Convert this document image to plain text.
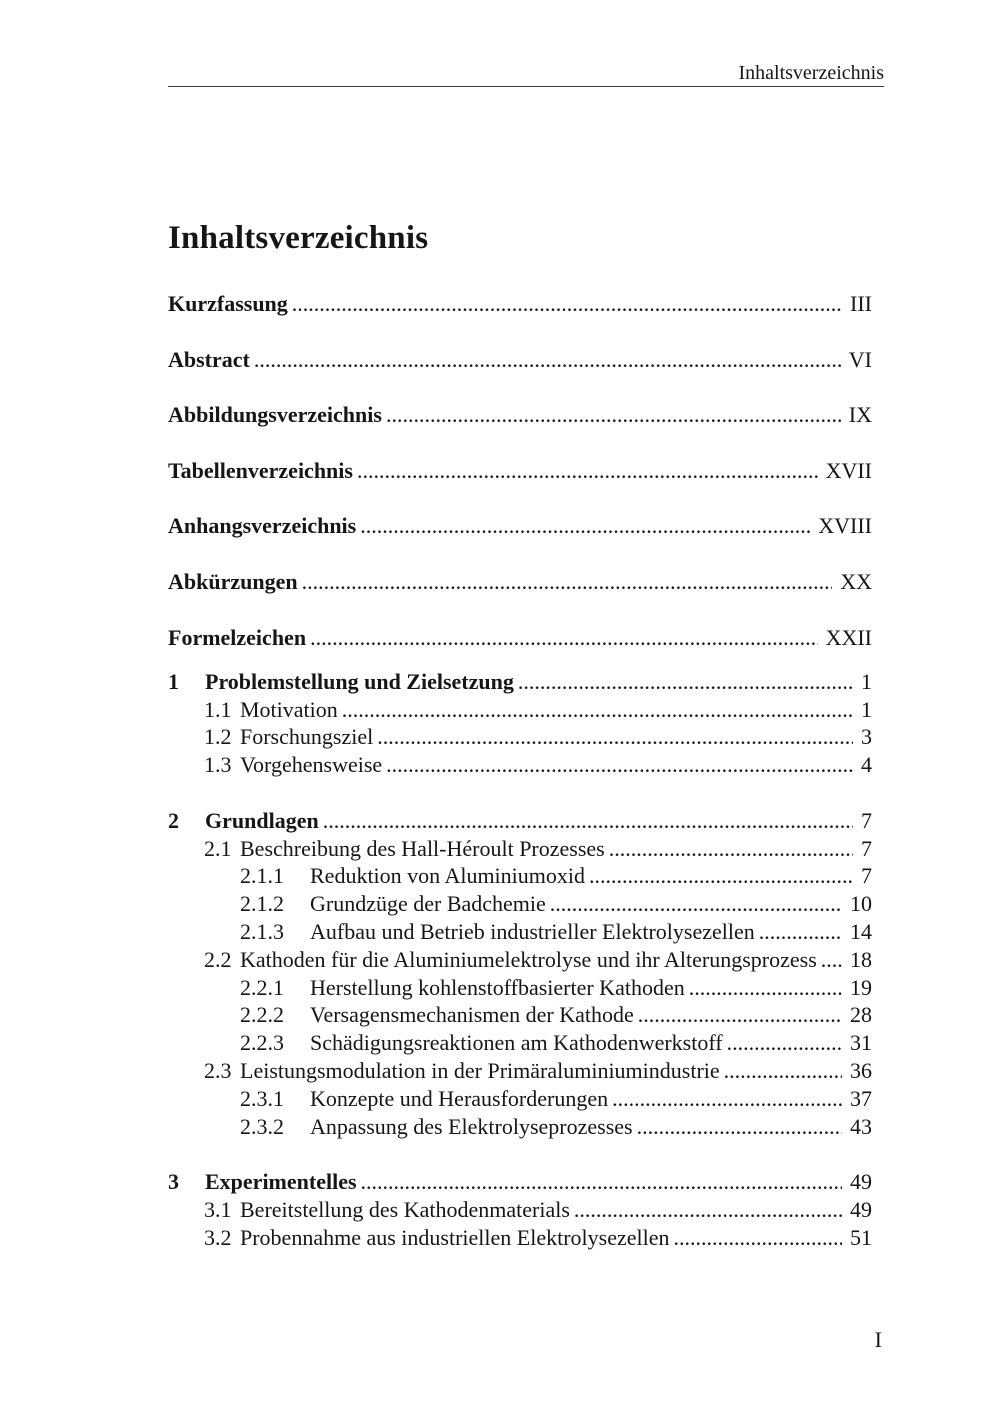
Inhaltsverzeichnis
Inhaltsverzeichnis
Kurzfassung .....	III
Abstract .....	VI
Abbildungsverzeichnis .....	IX
Tabellenverzeichnis .....	XVII
Anhangsverzeichnis .....	XVIII
Abkürzungen .....	XX
Formelzeichen .....	XXII
1	Problemstellung und Zielsetzung .....	1
1.1 Motivation .....	1
1.2 Forschungsziel .....	3
1.3 Vorgehensweise .....	4
2	Grundlagen .....	7
2.1 Beschreibung des Hall-Héroult Prozesses .....	7
2.1.1	Reduktion von Aluminiumoxid .....	7
2.1.2	Grundzüge der Badchemie .....	10
2.1.3	Aufbau und Betrieb industrieller Elektrolysezellen .....	14
2.2 Kathoden für die Aluminiumelektrolyse und ihr Alterungsprozess .....	18
2.2.1	Herstellung kohlenstoffbasierter Kathoden .....	19
2.2.2	Versagensmechanismen der Kathode .....	28
2.2.3	Schädigungsreaktionen am Kathodenwerkstoff .....	31
2.3 Leistungsmodulation in der Primäraluminiumindustrie .....	36
2.3.1	Konzepte und Herausforderungen .....	37
2.3.2	Anpassung des Elektrolyseprozesses .....	43
3	Experimentelles .....	49
3.1 Bereitstellung des Kathodenmaterials .....	49
3.2 Probennahme aus industriellen Elektrolysezellen .....	51
I
